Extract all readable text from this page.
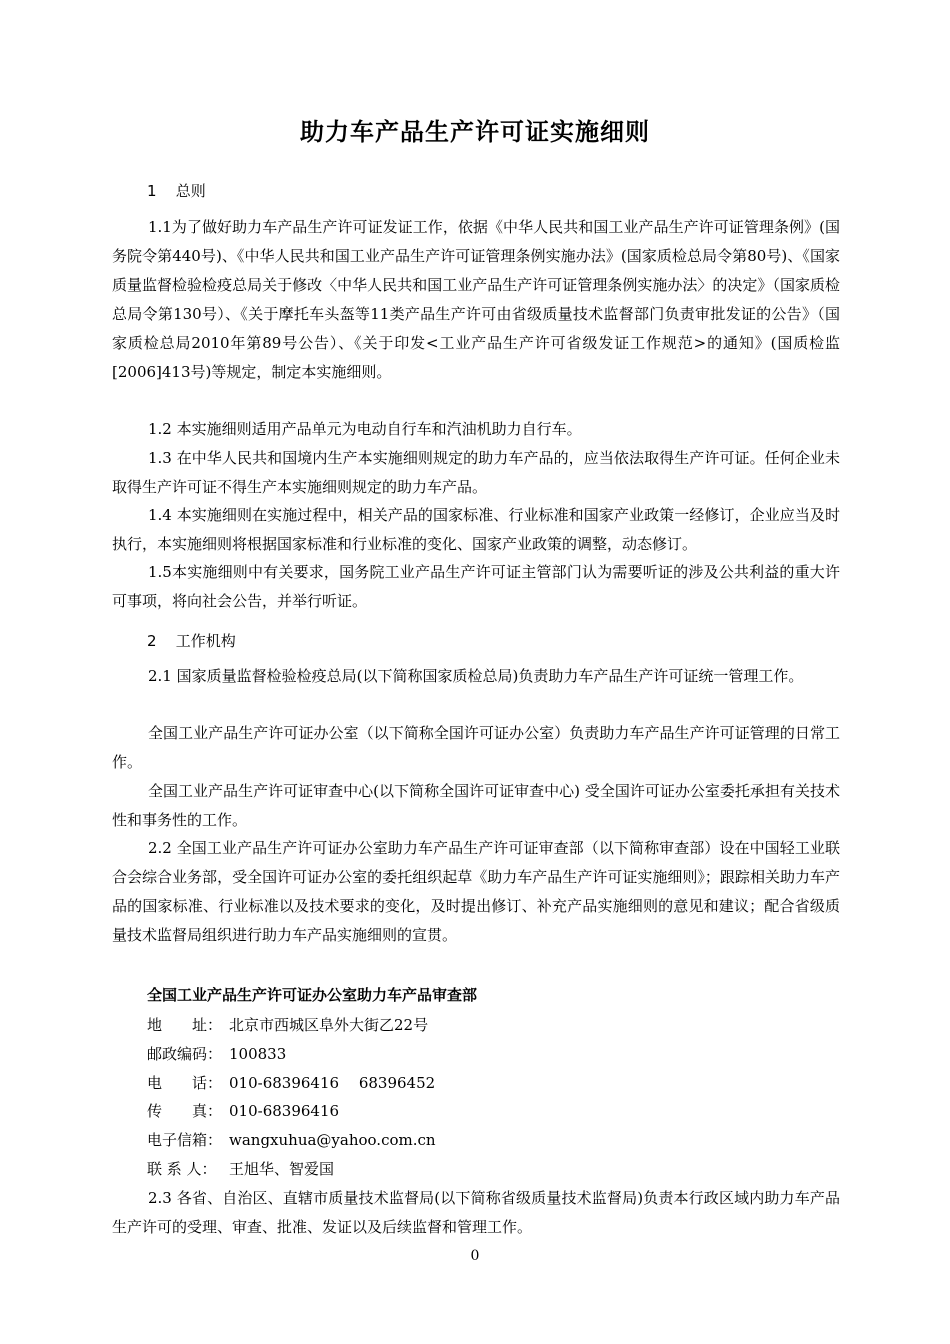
助力车产品生产许可证实施细则
1 总则

1.1为了做好助力车产品生产许可证发证工作，依据《中华人民共和国工业产品生产许可证管理条例》(国务院令第440号)、《中华人民共和国工业产品生产许可证管理条例实施办法》(国家质检总局令第80号)、《国家质量监督检验检疫总局关于修改〈中华人民共和国工业产品生产许可证管理条例实施办法〉的决定》（国家质检总局令第130号）、《关于摩托车头盔等11类产品生产许可由省级质量技术监督部门负责审批发证的公告》（国家质检总局2010年第89号公告）、《关于印发<工业产品生产许可省级发证工作规范>的通知》(国质检监[2006]413号)等规定，制定本实施细则。

1.2 本实施细则适用产品单元为电动自行车和汽油机助力自行车。

1.3 在中华人民共和国境内生产本实施细则规定的助力车产品的，应当依法取得生产许可证。任何企业未取得生产许可证不得生产本实施细则规定的助力车产品。

1.4 本实施细则在实施过程中，相关产品的国家标准、行业标准和国家产业政策一经修订，企业应当及时执行，本实施细则将根据国家标准和行业标准的变化、国家产业政策的调整，动态修订。

1.5本实施细则中有关要求，国务院工业产品生产许可证主管部门认为需要听证的涉及公共利益的重大许可事项，将向社会公告，并举行听证。

2 工作机构

2.1 国家质量监督检验检疫总局(以下简称国家质检总局)负责助力车产品生产许可证统一管理工作。

全国工业产品生产许可证办公室（以下简称全国许可证办公室）负责助力车产品生产许可证管理的日常工作。

全国工业产品生产许可证审查中心(以下简称全国许可证审查中心) 受全国许可证办公室委托承担有关技术性和事务性的工作。

2.2 全国工业产品生产许可证办公室助力车产品生产许可证审查部（以下简称审查部）设在中国轻工业联合会综合业务部，受全国许可证办公室的委托组织起草《助力车产品生产许可证实施细则》；跟踪相关助力车产品的国家标准、行业标准以及技术要求的变化，及时提出修订、补充产品实施细则的意见和建议；配合省级质量技术监督局组织进行助力车产品实施细则的宣贯。

全国工业产品生产许可证办公室助力车产品审查部
地　　址： 北京市西城区阜外大街乙22号
邮政编码： 100833
电　　话： 010-68396416　 68396452
传　　真： 010-68396416
电子信箱： wangxuhua@yahoo.com.cn
联 系 人： 王旭华、智爱国

2.3 各省、自治区、直辖市质量技术监督局(以下简称省级质量技术监督局)负责本行政区域内助力车产品生产许可的受理、审查、批准、发证以及后续监督和管理工作。

0
